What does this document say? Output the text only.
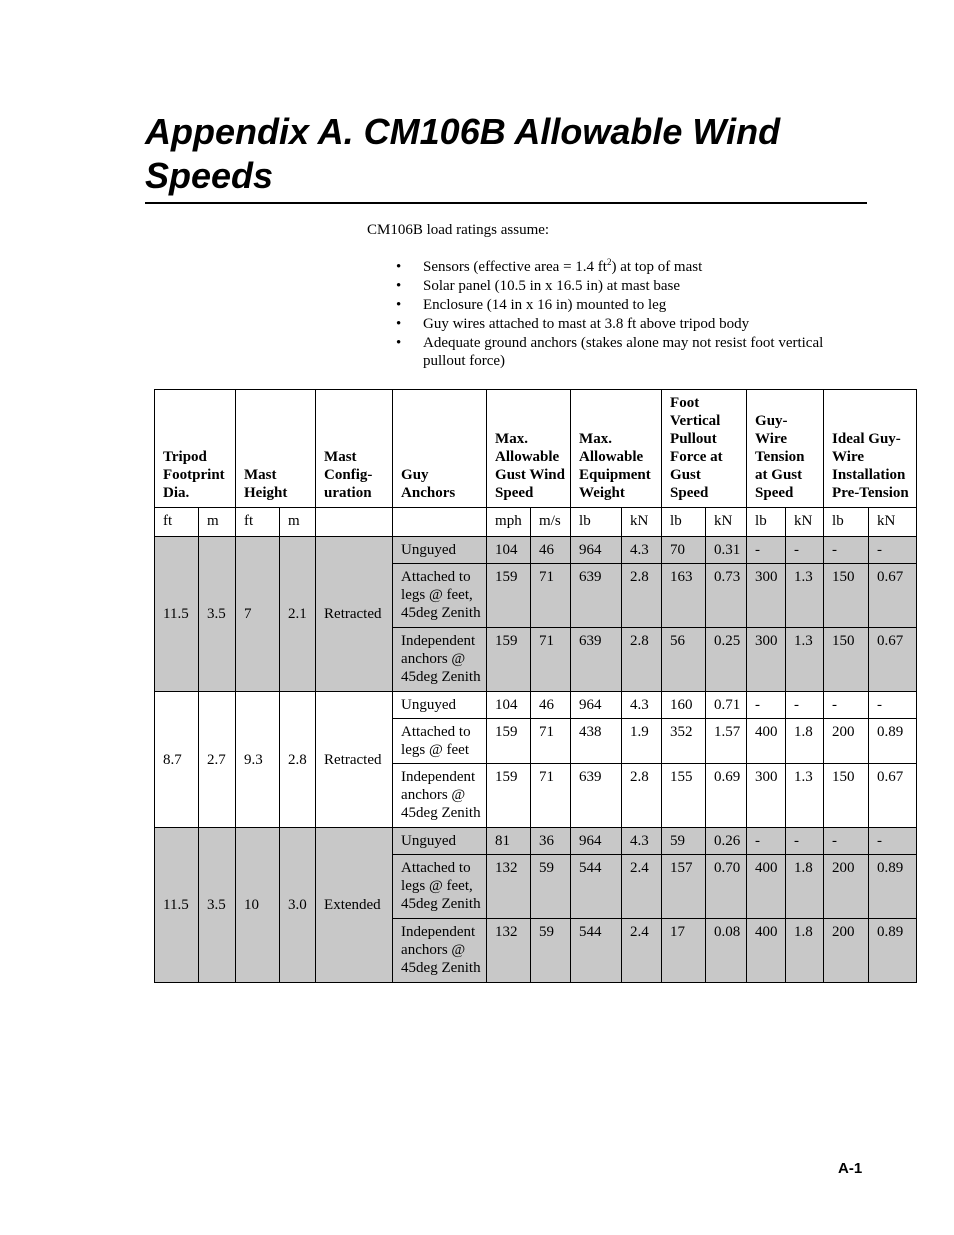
Appendix A. CM106B Allowable Wind
Speeds
CM106B load ratings assume:
• Sensors (effective area = 1.4 $ft^2$) at top of mast
• Solar panel (10.5 in x 16.5 in) at mast base
• Enclosure (14 in x 16 in) mounted to leg
• Guy wires attached to mast at 3.8 ft above tripod body
• Adequate ground anchors (stakes alone may not resist foot vertical pullout force)
Tripod Footprint Dia.		Mast Height		Mast Config-uration	Guy Anchors	Max. Allowable Gust Wind Speed		Max. Allowable Equipment Weight		Foot Vertical Pullout Force at Gust Speed		Guy-Wire Tension at Gust Speed		Ideal Guy-Wire Installation Pre-Tension	
ft	m	ft	m			mph	m/s	lb	kN	lb	kN	lb	kN	lb	kN
11.5	3.5	7	2.1	Retracted	Unguyed	104	46	964	4.3	70	0.31	-	-	-	-
					Attached to legs @ feet, 45deg Zenith	159	71	639	2.8	163	0.73	300	1.3	150	0.67
					Independent anchors @ 45deg Zenith	159	71	639	2.8	56	0.25	300	1.3	150	0.67
8.7	2.7	9.3	2.8	Retracted	Unguyed	104	46	964	4.3	160	0.71	-	-	-	-
					Attached to legs @ feet	159	71	438	1.9	352	1.57	400	1.8	200	0.89
					Independent anchors @ 45deg Zenith	159	71	639	2.8	155	0.69	300	1.3	150	0.67
11.5	3.5	10	3.0	Extended	Unguyed	81	36	964	4.3	59	0.26	-	-	-	-
					Attached to legs @ feet, 45deg Zenith	132	59	544	2.4	157	0.70	400	1.8	200	0.89
					Independent anchors @ 45deg Zenith	132	59	544	2.4	17	0.08	400	1.8	200	0.89
A-1
